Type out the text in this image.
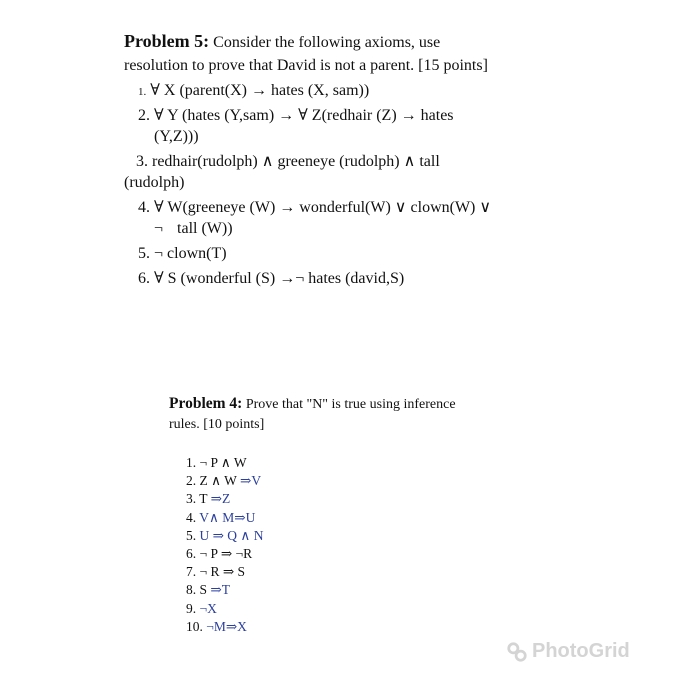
Problem 5: Consider the following axioms, use
resolution to prove that David is not a parent. [15 points]

1. ∀ X (parent(X) → hates (X, sam))

2. ∀ Y (hates (Y,sam) → ∀ Z(redhair (Z) → hates

(Y,Z)))

3. redhair(rudolph) ∧ greeneye (rudolph) ∧ tall

(rudolph)

4. ∀ W(greeneye (W) → wonderful(W) ∨ clown(W) ∨

¬ tall (W))

5. ¬ clown(T)

6. ∀ S (wonderful (S) →¬ hates (david,S)

Problem 4: Prove that "N" is true using inference
rules. [10 points]

1. ¬ P ∧ W
2. Z ∧ W ⇒V
3. T ⇒Z
4. V∧ M⇒U
5. U ⇒ Q ∧ N
6. ¬ P ⇒ ¬R
7. ¬ R ⇒ S
8. S ⇒T
9. ¬X
10. ¬M⇒X
PhotoGrid
